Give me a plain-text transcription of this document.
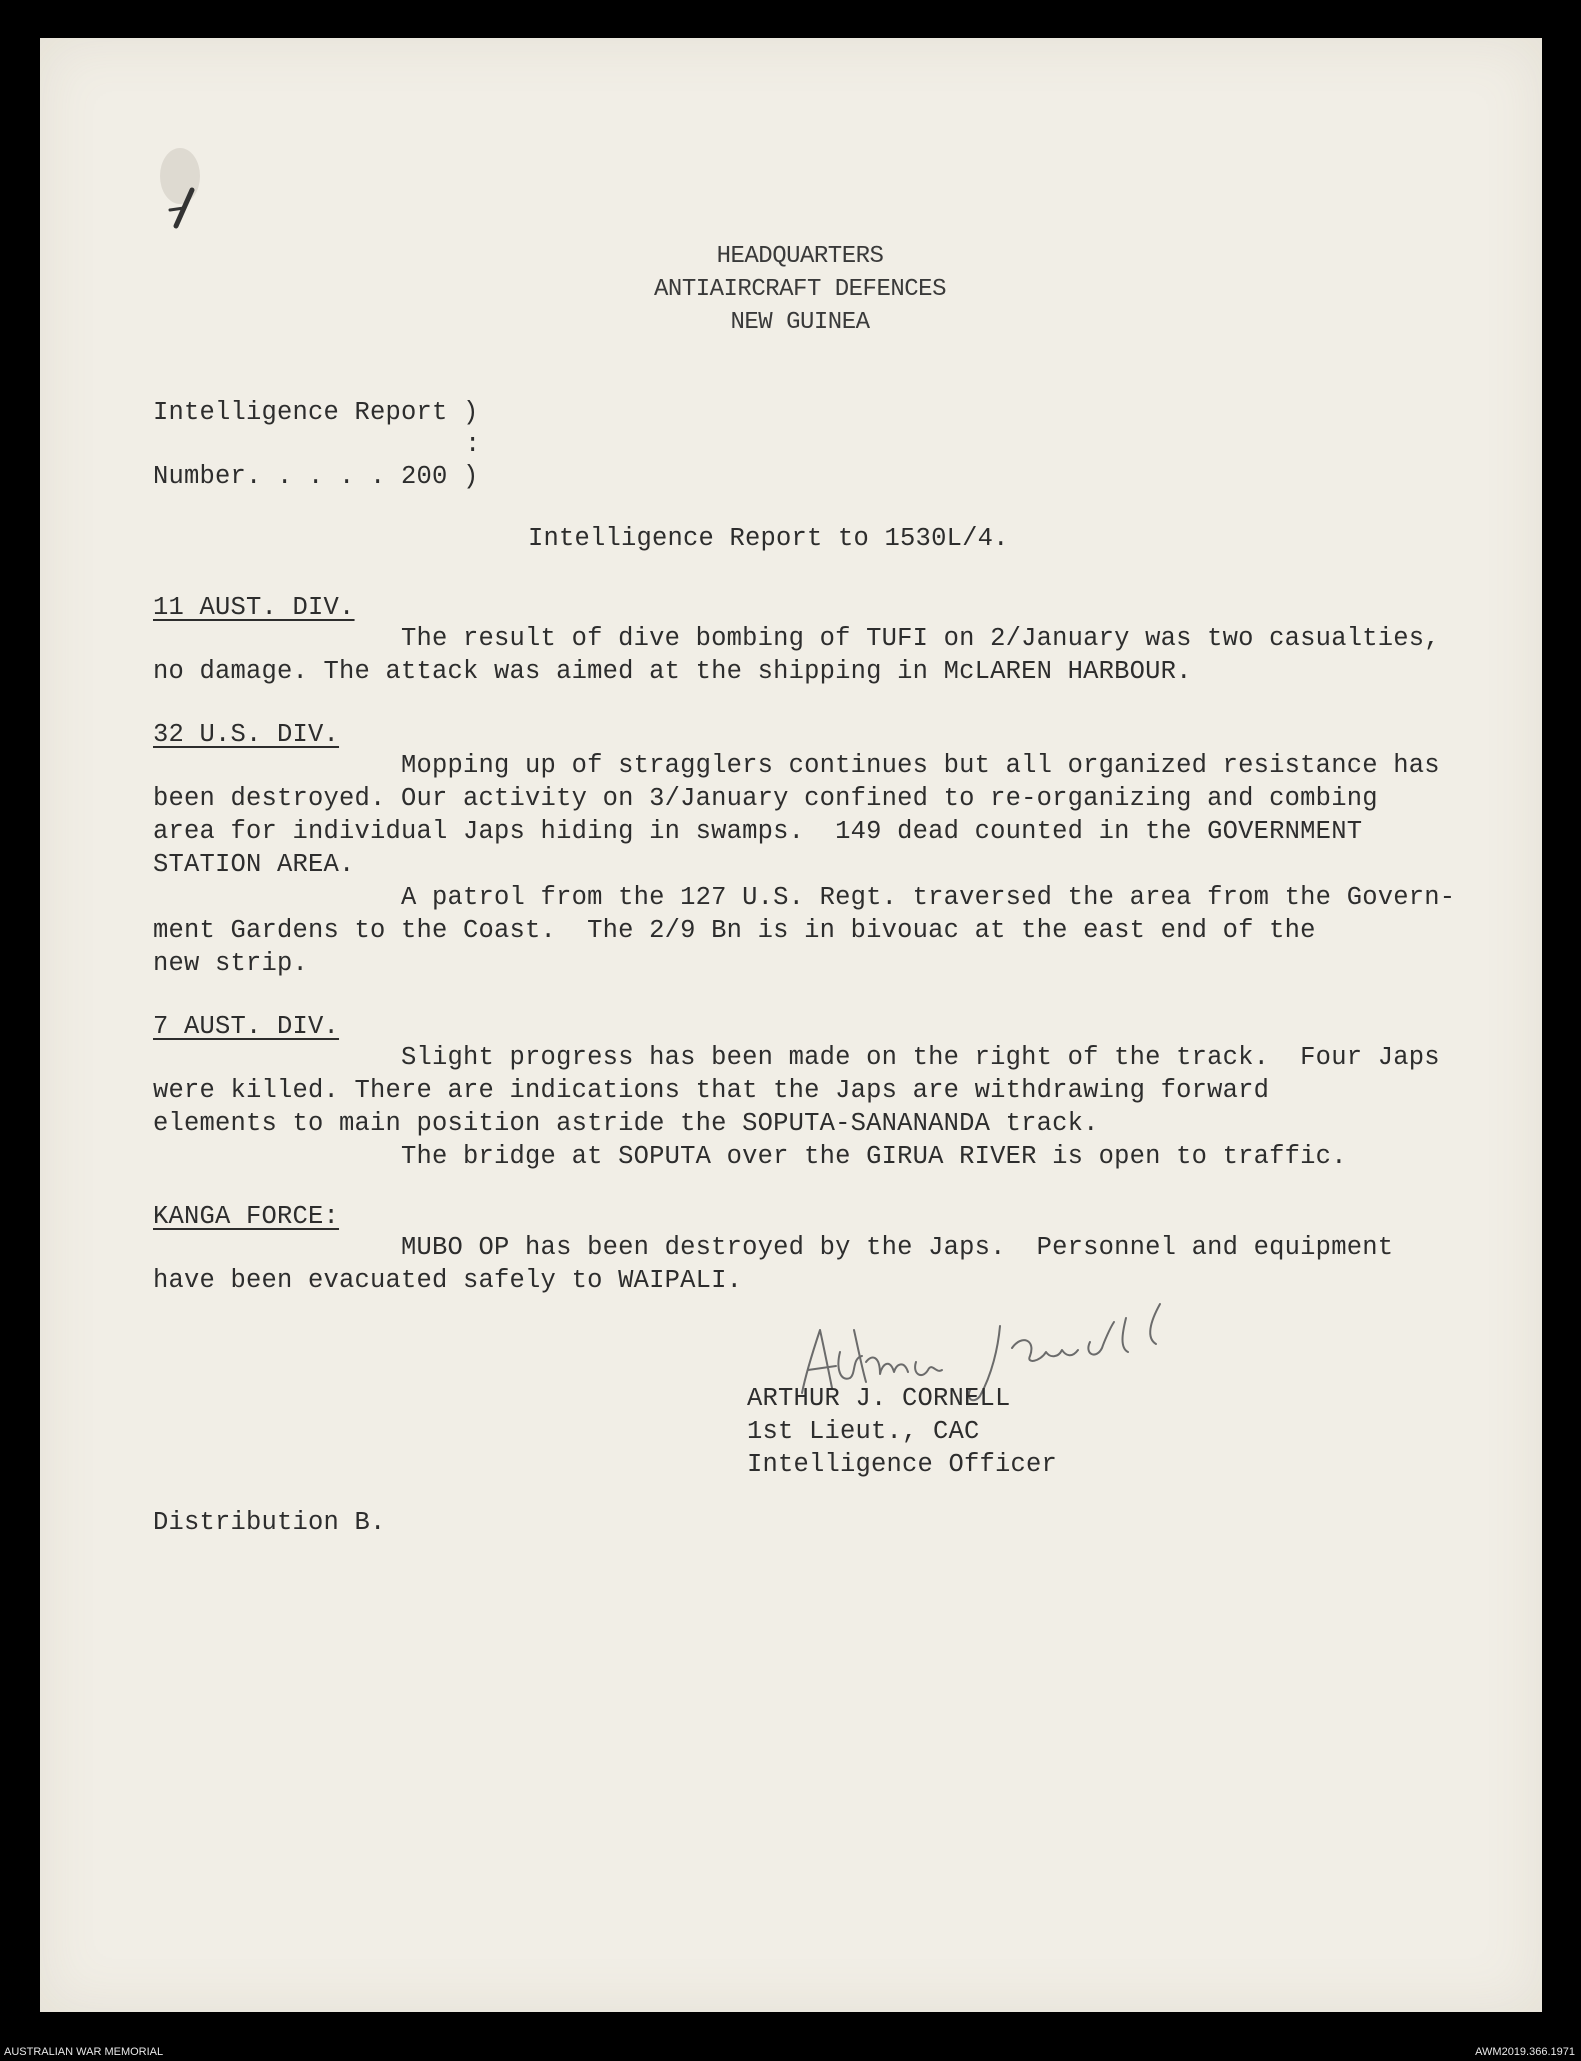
HEADQUARTERS
ANTIAIRCRAFT DEFENCES
NEW GUINEA
Intelligence Report )
:
Number. . . . . 200 )
Intelligence Report to 1530L/4.
11 AUST. DIV.
The result of dive bombing of TUFI on 2/January was two casualties,
no damage. The attack was aimed at the shipping in McLAREN HARBOUR.
32 U.S. DIV.
Mopping up of stragglers continues but all organized resistance has
been destroyed. Our activity on 3/January confined to re-organizing and combing
area for individual Japs hiding in swamps.  149 dead counted in the GOVERNMENT
STATION AREA.
A patrol from the 127 U.S. Regt. traversed the area from the Govern-
ment Gardens to the Coast.  The 2/9 Bn is in bivouac at the east end of the
new strip.
7 AUST. DIV.
Slight progress has been made on the right of the track.  Four Japs
were killed. There are indications that the Japs are withdrawing forward
elements to main position astride the SOPUTA-SANANANDA track.
The bridge at SOPUTA over the GIRUA RIVER is open to traffic.
KANGA FORCE:
MUBO OP has been destroyed by the Japs.  Personnel and equipment
have been evacuated safely to WAIPALI.
ARTHUR J. CORNELL
1st Lieut., CAC
Intelligence Officer
Distribution B.
AUSTRALIAN WAR MEMORIAL	AWM2019.366.1971
